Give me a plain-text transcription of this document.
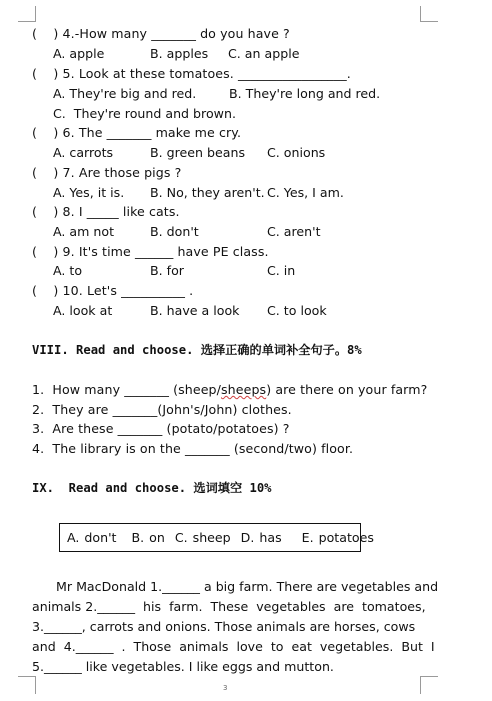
(    ) 4.-How many _______ do you have ?
A. apple	B. apples C. an apple
(    ) 5. Look at these tomatoes. _________________.
A. They're big and red.	B. They're long and red.
C.  They're round and brown.
(    ) 6. The _______ make me cry.
A. carrots	B. green beans C. onions
(    ) 7. Are those pigs ?
A. Yes, it is. B. No, they aren't. C. Yes, I am.
(    ) 8. I _____ like cats.
A. am not	B. don't	C. aren't
(    ) 9. It's time ______ have PE class.
A. to	B. for	C. in
(    ) 10. Let's __________ .
A. look at	B. have a look C. to look
VIII. Read and choose. 选择正确的单词补全句子。8%
1.  How many _______ (sheep/sheeps) are there on your farm?
2.  They are _______(John's/John) clothes.
3.  Are these _______ (potato/potatoes) ?
4.  The library is on the _______ (second/two) floor.
IX.  Read and choose. 选词填空 10%
A. don't   B. on  C. sheep  D. has    E. potatoes
Mr MacDonald 1.______ a big farm. There are vegetables and
animals 2.______  his  farm.  These  vegetables  are  tomatoes,
3.______, carrots and onions. Those animals are horses, cows
and  4.______  .  Those  animals  love  to  eat  vegetables.  But  I
5.______ like vegetables. I like eggs and mutton.
3
